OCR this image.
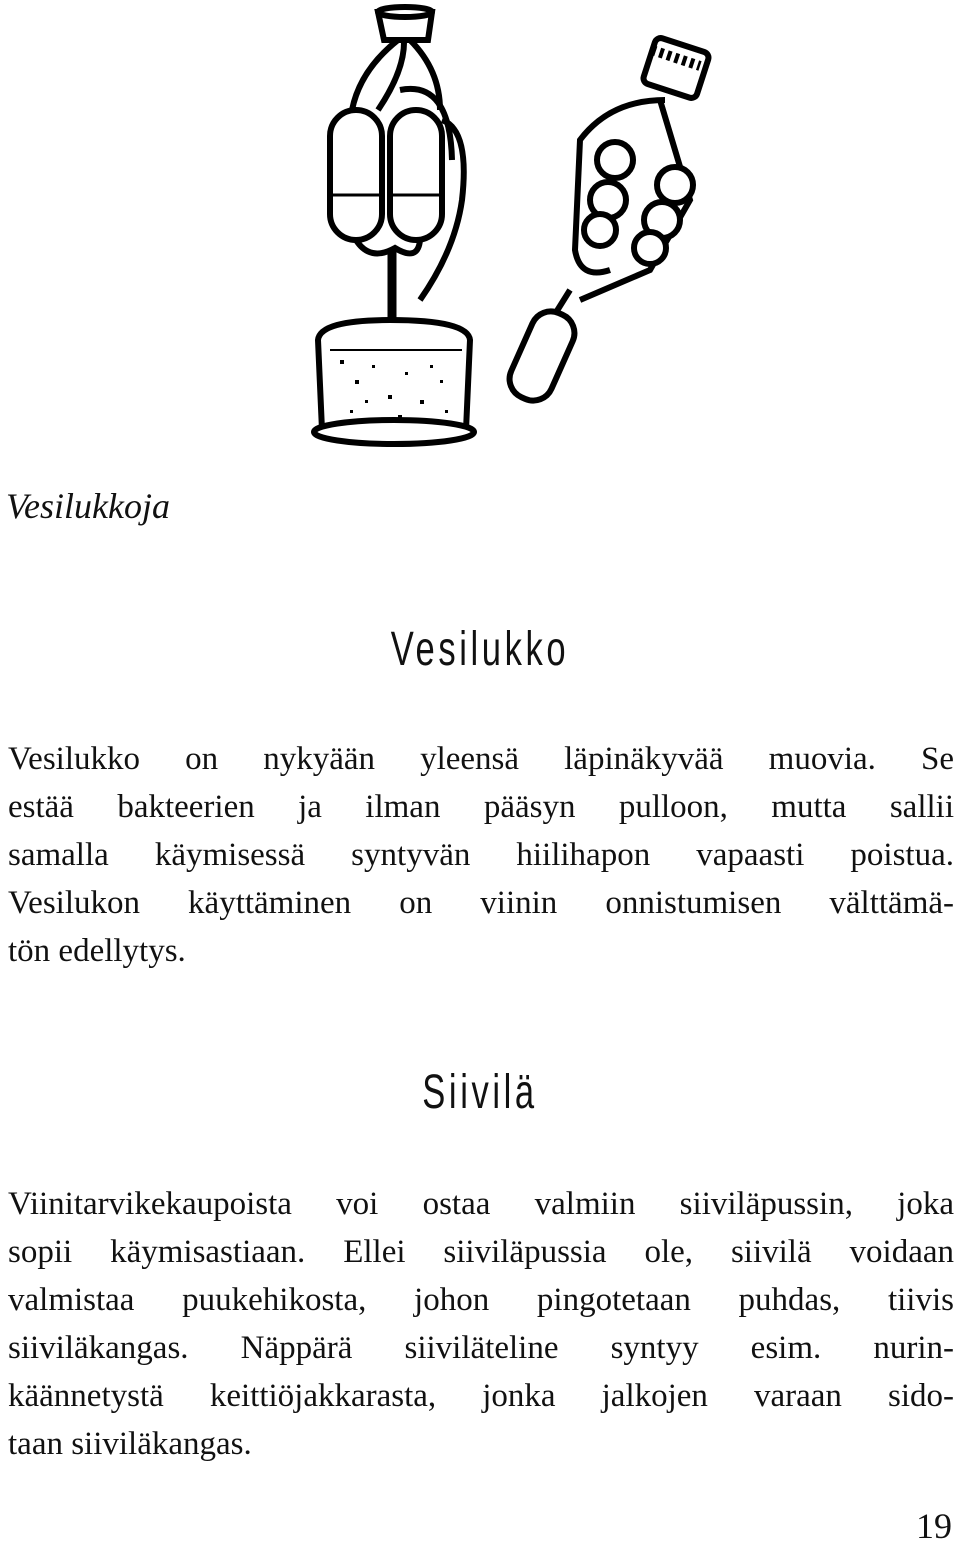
Vesilukkoja
Vesilukko
Vesilukko on nykyään yleensä läpinäkyvää muovia. Se
estää bakteerien ja ilman pääsyn pulloon, mutta sallii
samalla käymisessä syntyvän hiilihapon vapaasti poistua.
Vesilukon käyttäminen on viinin onnistumisen välttämä-
tön edellytys.
Siivilä
Viinitarvikekaupoista voi ostaa valmiin siiviläpussin, joka
sopii käymisastiaan. Ellei siiviläpussia ole, siivilä voidaan
valmistaa puukehikosta, johon pingotetaan puhdas, tiivis
siiviläkangas. Näppärä siiviläteline syntyy esim. nurin-
käännetystä keittiöjakkarasta, jonka jalkojen varaan sido-
taan siiviläkangas.
19
